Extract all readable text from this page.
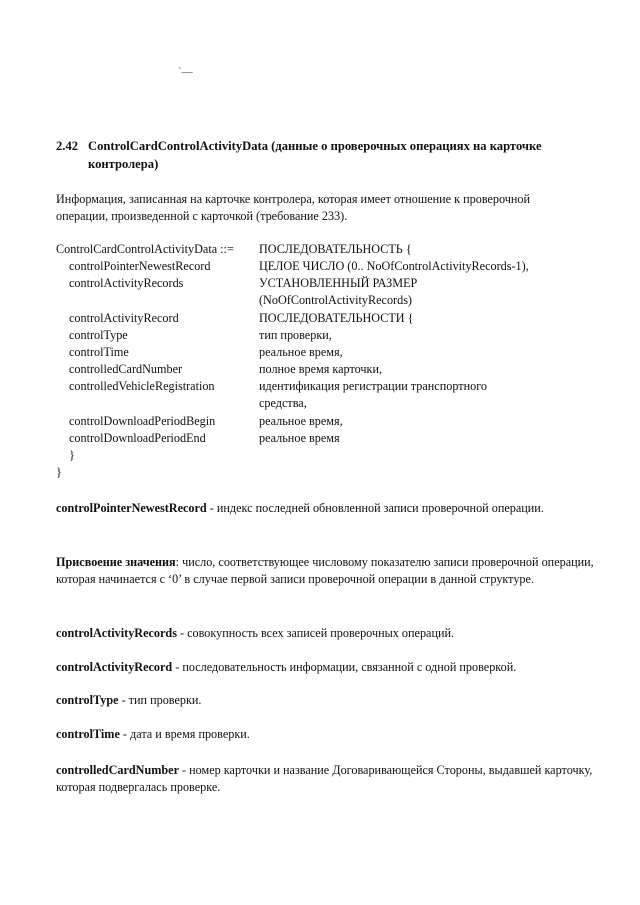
ˋ—
2.42 ControlCardControlActivityData (данные о проверочных операциях на карточке
контролера)
Информация, записанная на карточке контролера, которая имеет отношение к проверочной операции, произведенной с карточкой (требование 233).
ControlCardControlActivityData ::= ПОСЛЕДОВАТЕЛЬНОСТЬ {
controlPointerNewestRecord	ЦЕЛОЕ ЧИСЛО (0.. NoOfControlActivityRecords-1),
controlActivityRecords	УСТАНОВЛЕННЫЙ РАЗМЕР
(NoOfControlActivityRecords)
controlActivityRecord	ПОСЛЕДОВАТЕЛЬНОСТИ {
controlType	тип проверки,
controlTime	реальное время,
controlledCardNumber	полное время карточки,
controlledVehicleRegistration	идентификация регистрации транспортного
средства,
controlDownloadPeriodBegin	реальное время,
controlDownloadPeriodEnd	реальное время
}
}
controlPointerNewestRecord - индекс последней обновленной записи проверочной операции.
Присвоение значения: число, соответствующее числовому показателю записи проверочной операции, которая начинается с ‘0’ в случае первой записи проверочной операции в данной структуре.
controlActivityRecords - совокупность всех записей проверочных операций.
controlActivityRecord - последовательность информации, связанной с одной проверкой.
controlType - тип проверки.
controlTime - дата и время проверки.
controlledCardNumber - номер карточки и название Договаривающейся Стороны, выдавшей карточку, которая подвергалась проверке.
